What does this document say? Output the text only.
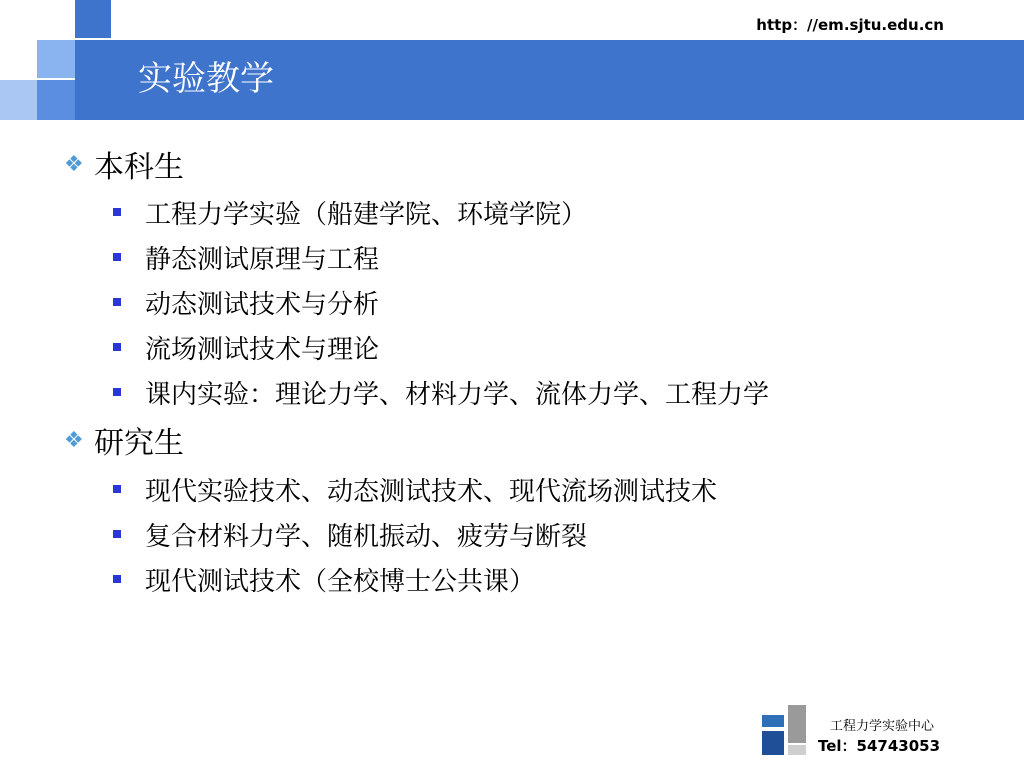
http：//em.sjtu.edu.cn
实验教学
❖ 本科生
工程力学实验（船建学院、环境学院）
静态测试原理与工程
动态测试技术与分析
流场测试技术与理论
课内实验：理论力学、材料力学、流体力学、工程力学
❖ 研究生
现代实验技术、动态测试技术、现代流场测试技术
复合材料力学、随机振动、疲劳与断裂
现代测试技术（全校博士公共课）
工程力学实验中心
Tel：54743053
